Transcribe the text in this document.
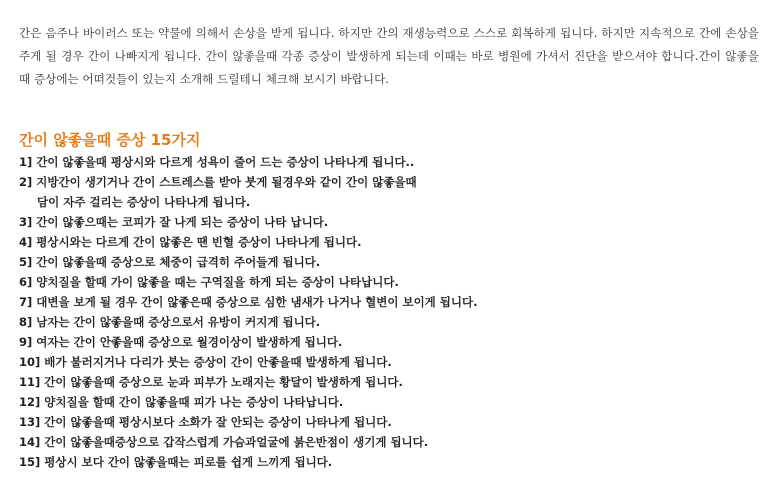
간은 음주나 바이러스 또는 약물에 의해서 손상을 받게 됩니다. 하지만 간의 재생능력으로 스스로 회복하게 됩니다. 하지만 지속적으로 간에 손상을 주게 될 경우 간이 나빠지게 됩니다. 간이 않좋을때 각종 증상이 발생하게 되는데 이때는 바로 병원에 가셔서 진단을 받으셔야 합니다.간이 않좋을때 증상에는 어떠것들이 있는지 소개해 드릴테니 체크해 보시기 바랍니다.
간이 않좋을때 증상 15가지
1] 간이 않좋을때 평상시와 다르게 성욕이 줄어 드는 증상이 나타나게 됩니다..
2] 지방간이 생기거나 간이 스트레스를 받아 붓게 될경우와 같이 간이 않좋을때
담이 자주 걸리는 증상이 나타나게 됩니다.
3] 간이 않좋으때는 코피가 잘 나게 되는 증상이 나타 납니다.
4] 평상시와는 다르게 간이 않좋은 땐 빈혈 증상이 나타나게 됩니다.
5] 간이 않좋을때 증상으로 체중이 급격히 주어들게 됩니다.
6] 양치질을 할때 가이 않좋을 때는 구역질을 하게 되는 증상이 나타납니다.
7] 대변을 보게 될 경우 간이 않좋은때 증상으로 심한 냄새가 나거나 혈변이 보이게 됩니다.
8] 남자는 간이 않좋을때 증상으로서 유방이 커지게 됩니다.
9] 여자는 간이 안좋을때 증상으로 월경이상이 발생하게 됩니다.
10] 배가 불러지거나 다리가 붓는 증상이 간이 안좋을때 발생하게 됩니다.
11] 간이 않좋을때 증상으로 눈과 피부가 노래지는 황달이 발생하게 됩니다.
12] 양치질을 할때 간이 않좋을때 피가 나는 증상이 나타납니다.
13] 간이 않좋을때 평상시보다 소화가 잘 안되는 증상이 나타나게 됩니다.
14] 간이 않좋을때증상으로 갑작스럽게 가슴과얼굴에 붉은반점이 생기게 됩니다.
15] 평상시 보다 간이 않좋을때는 피로를 쉽게 느끼게 됩니다.
